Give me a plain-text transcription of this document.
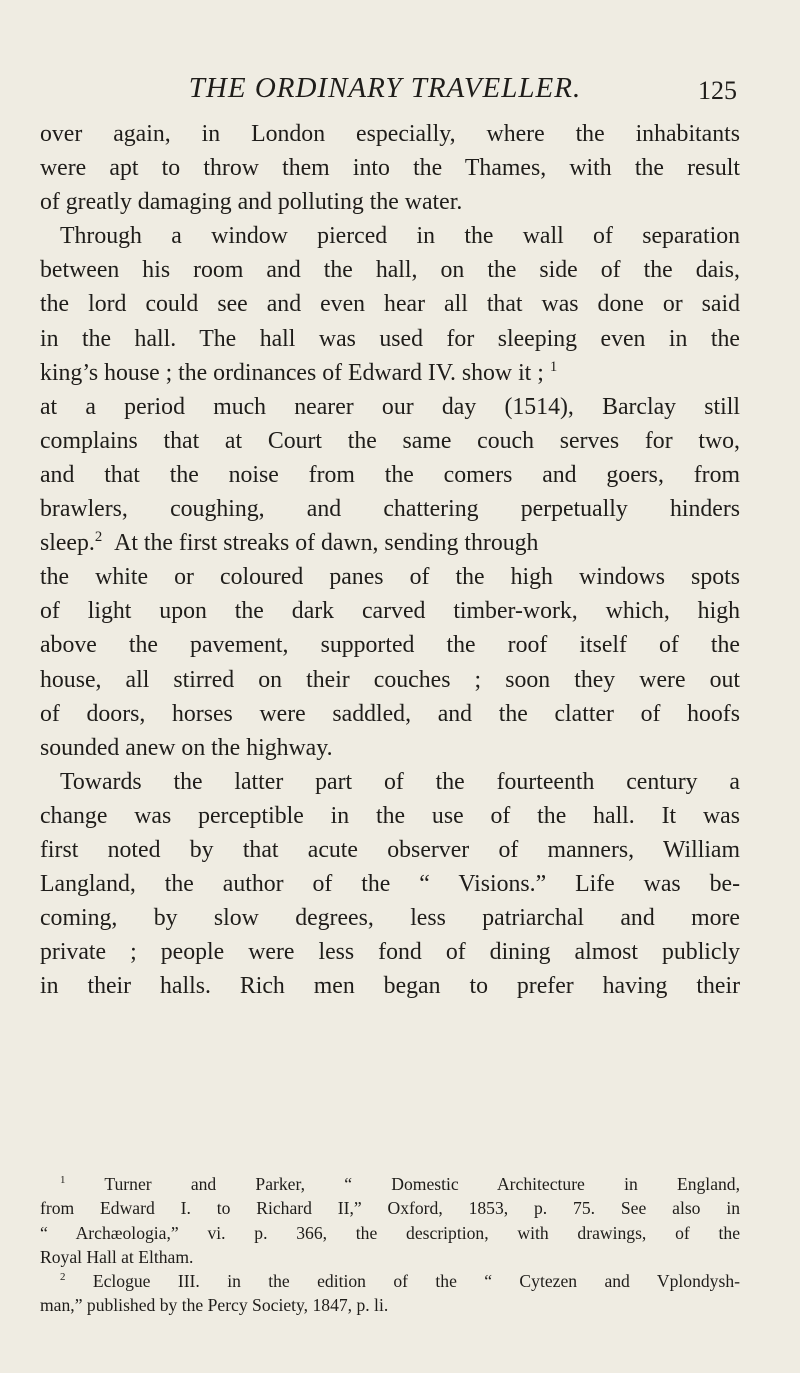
THE ORDINARY TRAVELLER.	125
over again, in London especially, where the inhabitants
were apt to throw them into the Thames, with the result
of greatly damaging and polluting the water.
Through a window pierced in the wall of separation
between his room and the hall, on the side of the dais,
the lord could see and even hear all that was done or said
in the hall. The hall was used for sleeping even in the
king’s house ; the ordinances of Edward IV. show it ; $^1$
at a period much nearer our day (1514), Barclay still
complains that at Court the same couch serves for two,
and that the noise from the comers and goers, from
brawlers, coughing, and chattering perpetually hinders
sleep.$^2$ At the first streaks of dawn, sending through
the white or coloured panes of the high windows spots
of light upon the dark carved timber-work, which, high
above the pavement, supported the roof itself of the
house, all stirred on their couches ; soon they were out
of doors, horses were saddled, and the clatter of hoofs
sounded anew on the highway.
Towards the latter part of the fourteenth century a
change was perceptible in the use of the hall. It was
first noted by that acute observer of manners, William
Langland, the author of the “ Visions.” Life was be-
coming, by slow degrees, less patriarchal and more
private ; people were less fond of dining almost publicly
in their halls. Rich men began to prefer having their
$^1$ Turner and Parker, “ Domestic Architecture in England,
from Edward I. to Richard II,” Oxford, 1853, p. 75. See also in
“ Archæologia,” vi. p. 366, the description, with drawings, of the
Royal Hall at Eltham.
$^2$ Eclogue III. in the edition of the “ Cytezen and Vplondysh-
man,” published by the Percy Society, 1847, p. li.
